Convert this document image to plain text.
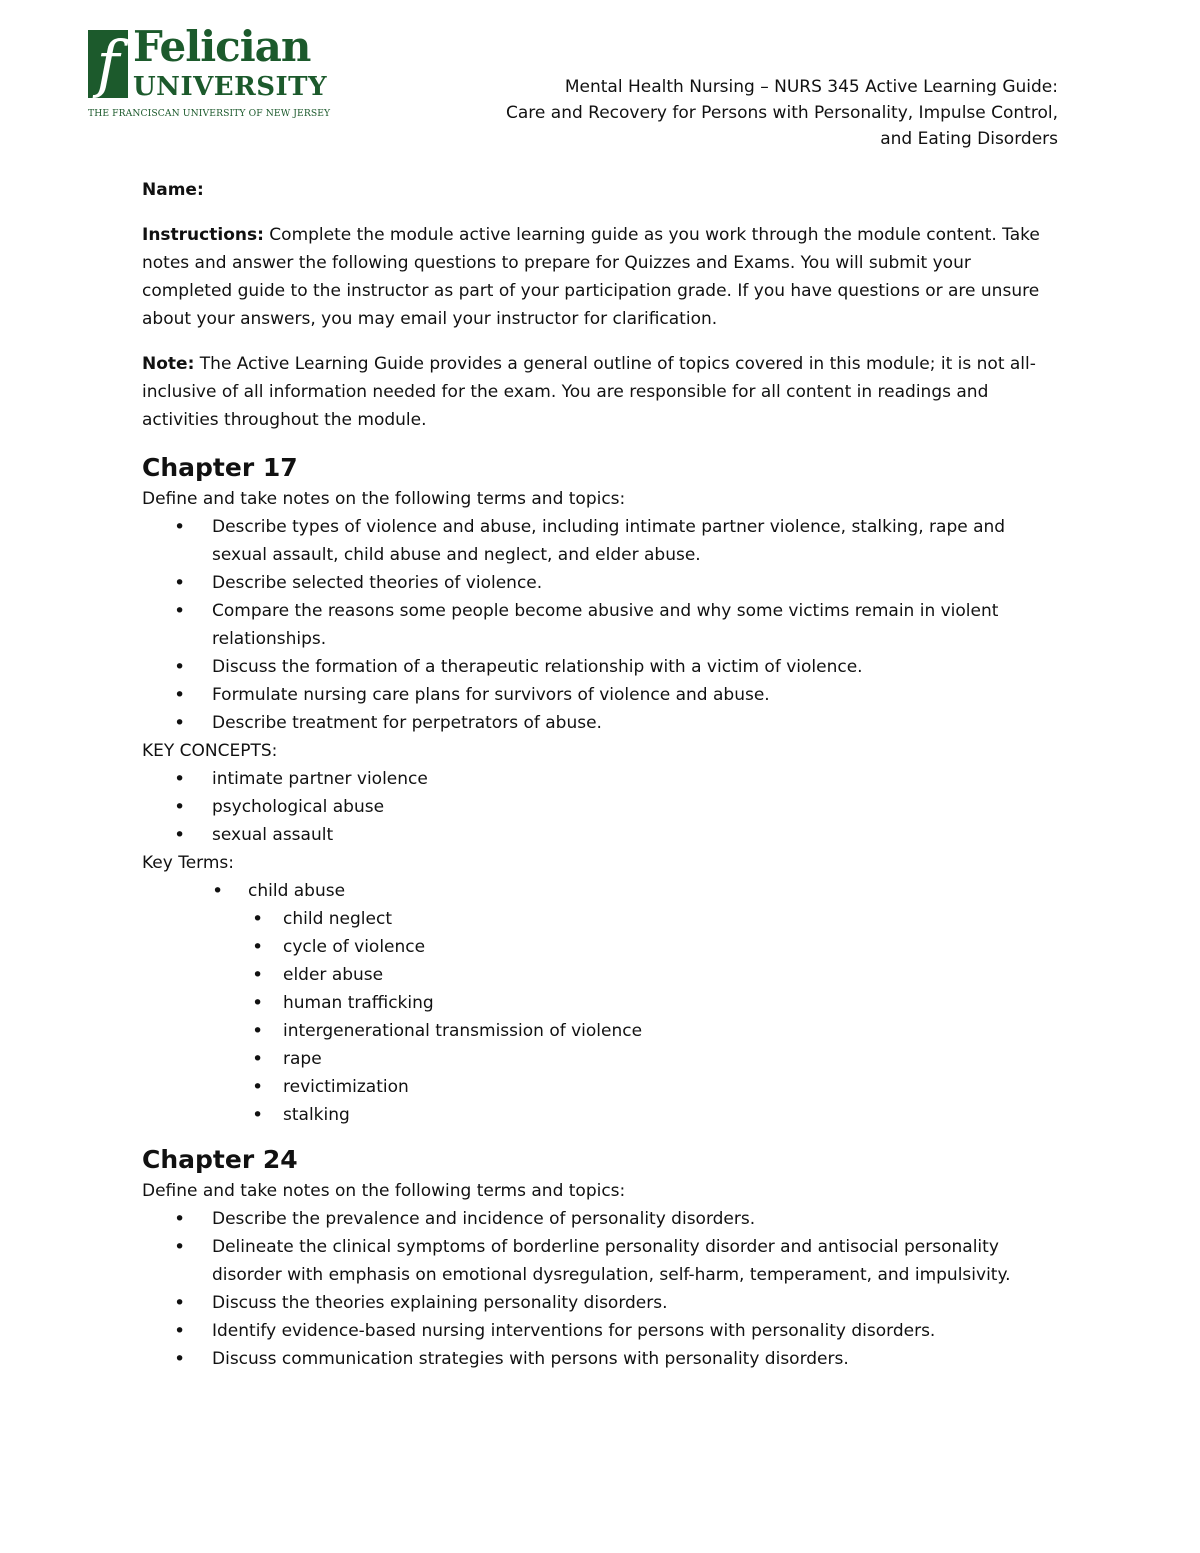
f Felician
UNIVERSITY
THE FRANCISCAN UNIVERSITY OF NEW JERSEY
Mental Health Nursing – NURS 345 Active Learning Guide:
Care and Recovery for Persons with Personality, Impulse Control,
and Eating Disorders

Name:

Instructions: Complete the module active learning guide as you work through the module content. Take notes and answer the following questions to prepare for Quizzes and Exams. You will submit your completed guide to the instructor as part of your participation grade. If you have questions or are unsure about your answers, you may email your instructor for clarification.

Note: The Active Learning Guide provides a general outline of topics covered in this module; it is not all-inclusive of all information needed for the exam. You are responsible for all content in readings and activities throughout the module.

Chapter 17
Define and take notes on the following terms and topics:
• Describe types of violence and abuse, including intimate partner violence, stalking, rape and sexual assault, child abuse and neglect, and elder abuse.
• Describe selected theories of violence.
• Compare the reasons some people become abusive and why some victims remain in violent relationships.
• Discuss the formation of a therapeutic relationship with a victim of violence.
• Formulate nursing care plans for survivors of violence and abuse.
• Describe treatment for perpetrators of abuse.
KEY CONCEPTS:
• intimate partner violence
• psychological abuse
• sexual assault
Key Terms:
• child abuse
• child neglect
• cycle of violence
• elder abuse
• human trafficking
• intergenerational transmission of violence
• rape
• revictimization
• stalking
Chapter 24
Define and take notes on the following terms and topics:
• Describe the prevalence and incidence of personality disorders.
• Delineate the clinical symptoms of borderline personality disorder and antisocial personality disorder with emphasis on emotional dysregulation, self-harm, temperament, and impulsivity.
• Discuss the theories explaining personality disorders.
• Identify evidence-based nursing interventions for persons with personality disorders.
• Discuss communication strategies with persons with personality disorders.
